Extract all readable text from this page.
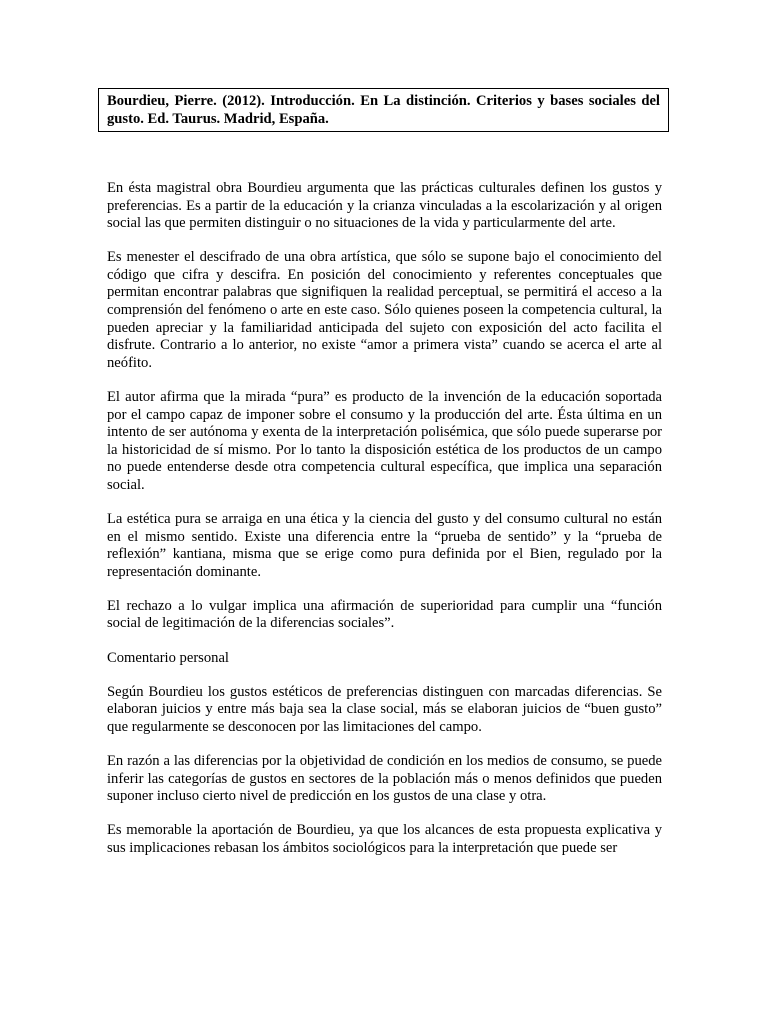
Bourdieu, Pierre. (2012). Introducción. En La distinción. Criterios y bases sociales del gusto. Ed. Taurus. Madrid, España.

En ésta magistral obra Bourdieu argumenta que las prácticas culturales definen los gustos y preferencias. Es a partir de la educación y la crianza vinculadas a la escolarización y al origen social las que permiten distinguir o no situaciones de la vida y particularmente del arte.

Es menester el descifrado de una obra artística, que sólo se supone bajo el conocimiento del código que cifra y descifra. En posición del conocimiento y referentes conceptuales que permitan encontrar palabras que signifiquen la realidad perceptual, se permitirá el acceso a la comprensión del fenómeno o arte en este caso. Sólo quienes poseen la competencia cultural, la pueden apreciar y la familiaridad anticipada del sujeto con exposición del acto facilita el disfrute. Contrario a lo anterior, no existe “amor a primera vista” cuando se acerca el arte al neófito.

El autor afirma que la mirada “pura” es producto de la invención de la educación soportada por el campo capaz de imponer sobre el consumo y la producción del arte. Ésta última en un intento de ser autónoma y exenta de la interpretación polisémica, que sólo puede superarse por la historicidad de sí mismo. Por lo tanto la disposición estética de los productos de un campo no puede entenderse desde otra competencia cultural específica, que implica una separación social.

La estética pura se arraiga en una ética y la ciencia del gusto y del consumo cultural no están en el mismo sentido. Existe una diferencia entre la “prueba de sentido” y la “prueba de reflexión” kantiana, misma que se erige como pura definida por el Bien, regulado por la representación dominante.

El rechazo a lo vulgar implica una afirmación de superioridad para cumplir una “función social de legitimación de la diferencias sociales”.

Comentario personal

Según Bourdieu los gustos estéticos de preferencias distinguen con marcadas diferencias. Se elaboran juicios y entre más baja sea la clase social, más se elaboran juicios de “buen gusto” que regularmente se desconocen por las limitaciones del campo.

En razón a las diferencias por la objetividad de condición en los medios de consumo, se puede inferir las categorías de gustos en sectores de la población más o menos definidos que pueden suponer incluso cierto nivel de predicción en los gustos de una clase y otra.

Es memorable la aportación de Bourdieu, ya que los alcances de esta propuesta explicativa y sus implicaciones rebasan los ámbitos sociológicos para la interpretación que puede ser
